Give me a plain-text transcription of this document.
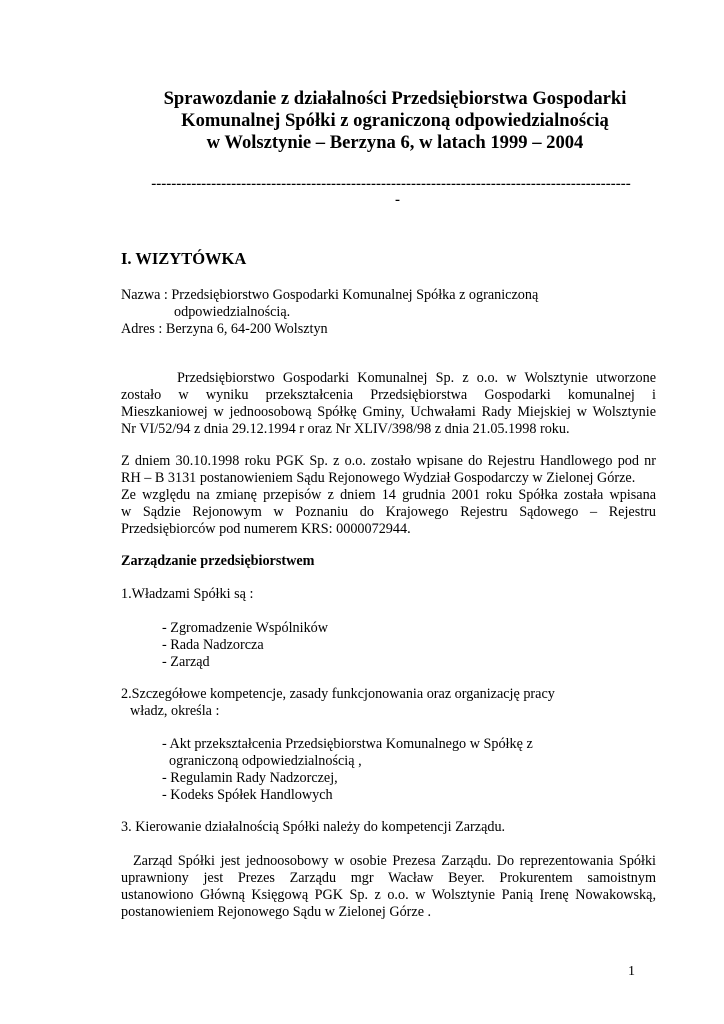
Sprawozdanie z działalności Przedsiębiorstwa Gospodarki
Komunalnej Spółki z ograniczoną odpowiedzialnością
w Wolsztynie – Berzyna 6, w latach 1999 – 2004
------------------------------------------------------------------------------------------------
-
I. WIZYTÓWKA
Nazwa : Przedsiębiorstwo Gospodarki Komunalnej Spółka z ograniczoną
odpowiedzialnością.
Adres : Berzyna 6, 64-200 Wolsztyn
Przedsiębiorstwo Gospodarki Komunalnej Sp. z o.o. w Wolsztynie utworzone
zostało w wyniku przekształcenia Przedsiębiorstwa Gospodarki komunalnej i
Mieszkaniowej w jednoosobową Spółkę Gminy, Uchwałami Rady Miejskiej w Wolsztynie
Nr VI/52/94 z dnia 29.12.1994 r oraz Nr XLIV/398/98 z dnia 21.05.1998 roku.
Z dniem 30.10.1998 roku PGK Sp. z o.o. zostało wpisane do Rejestru Handlowego pod nr
RH – B 3131 postanowieniem Sądu Rejonowego Wydział Gospodarczy w Zielonej Górze.
Ze względu na zmianę przepisów z dniem 14 grudnia 2001 roku Spółka została wpisana
w Sądzie Rejonowym w Poznaniu do Krajowego Rejestru Sądowego – Rejestru
Przedsiębiorców pod numerem KRS: 0000072944.
Zarządzanie przedsiębiorstwem
1.Władzami Spółki są :
- Zgromadzenie Wspólników
- Rada Nadzorcza
- Zarząd
2.Szczegółowe kompetencje, zasady funkcjonowania oraz organizację pracy
władz, określa :
- Akt przekształcenia Przedsiębiorstwa Komunalnego w Spółkę z
ograniczoną odpowiedzialnością ,
- Regulamin Rady Nadzorczej,
- Kodeks Spółek Handlowych
3. Kierowanie działalnością Spółki należy do kompetencji Zarządu.
Zarząd Spółki jest jednoosobowy w osobie Prezesa Zarządu. Do reprezentowania Spółki
uprawniony jest Prezes Zarządu mgr Wacław Beyer. Prokurentem samoistnym
ustanowiono Główną Księgową PGK Sp. z o.o. w Wolsztynie Panią Irenę Nowakowską,
postanowieniem Rejonowego Sądu w Zielonej Górze .
1
